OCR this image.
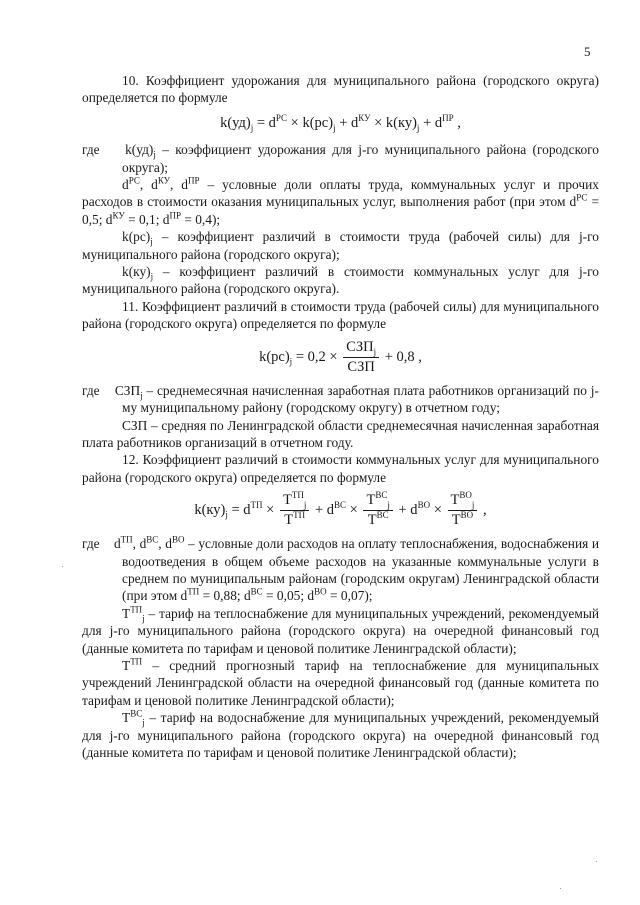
5

10. Коэффициент удорожания для муниципального района (городского округа) определяется по формуле

$k(уд)_j = d^{РС} \times k(рс)_j + d^{КУ} \times k(ку)_j + d^{ПР}$ ,

где $k(уд)_j$ – коэффициент удорожания для j-го муниципального района (городского округа);

$d^{РС}$, $d^{КУ}$, $d^{ПР}$ – условные доли оплаты труда, коммунальных услуг и прочих расходов в стоимости оказания муниципальных услуг, выполнения работ (при этом $d^{РС} = 0,5$; $d^{КУ} = 0,1$; $d^{ПР} = 0,4$);

$k(рс)_j$ – коэффициент различий в стоимости труда (рабочей силы) для j-го муниципального района (городского округа);

$k(ку)_j$ – коэффициент различий в стоимости коммунальных услуг для j-го муниципального района (городского округа).

11. Коэффициент различий в стоимости труда (рабочей силы) для муниципального района (городского округа) определяется по формуле

$k(рс)_j = 0,2 \times \frac{СЗП_j}{\text{СЗП}} + 0,8$ ,

где $СЗП_j$ – среднемесячная начисленная заработная плата работников организаций по j-му муниципальному району (городскому округу) в отчетном году;

СЗП – средняя по Ленинградской области среднемесячная начисленная заработная плата работников организаций в отчетном году.

12. Коэффициент различий в стоимости коммунальных услуг для муниципального района (городского округа) определяется по формуле

$k(ку)_j = d^{ТП} \times \frac{T^{ТП}_j}{T^{ТП}} + d^{ВС} \times \frac{T^{ВС}_j}{T^{ВС}} + d^{ВО} \times \frac{T^{ВО}_j}{T^{ВО}}$ ,

где $d^{ТП}$, $d^{ВС}$, $d^{ВО}$ – условные доли расходов на оплату теплоснабжения, водоснабжения и водоотведения в общем объеме расходов на указанные коммунальные услуги в среднем по муниципальным районам (городским округам) Ленинградской области (при этом $d^{ТП} = 0,88$; $d^{ВС} = 0,05$; $d^{ВО} = 0,07$);

$T^{ТП}_j$ – тариф на теплоснабжение для муниципальных учреждений, рекомендуемый для j-го муниципального района (городского округа) на очередной финансовый год (данные комитета по тарифам и ценовой политике Ленинградской области);

$T^{ТП}$ – средний прогнозный тариф на теплоснабжение для муниципальных учреждений Ленинградской области на очередной финансовый год (данные комитета по тарифам и ценовой политике Ленинградской области);

$T^{ВС}_j$ – тариф на водоснабжение для муниципальных учреждений, рекомендуемый для j-го муниципального района (городского округа) на очередной финансовый год (данные комитета по тарифам и ценовой политике Ленинградской области);
